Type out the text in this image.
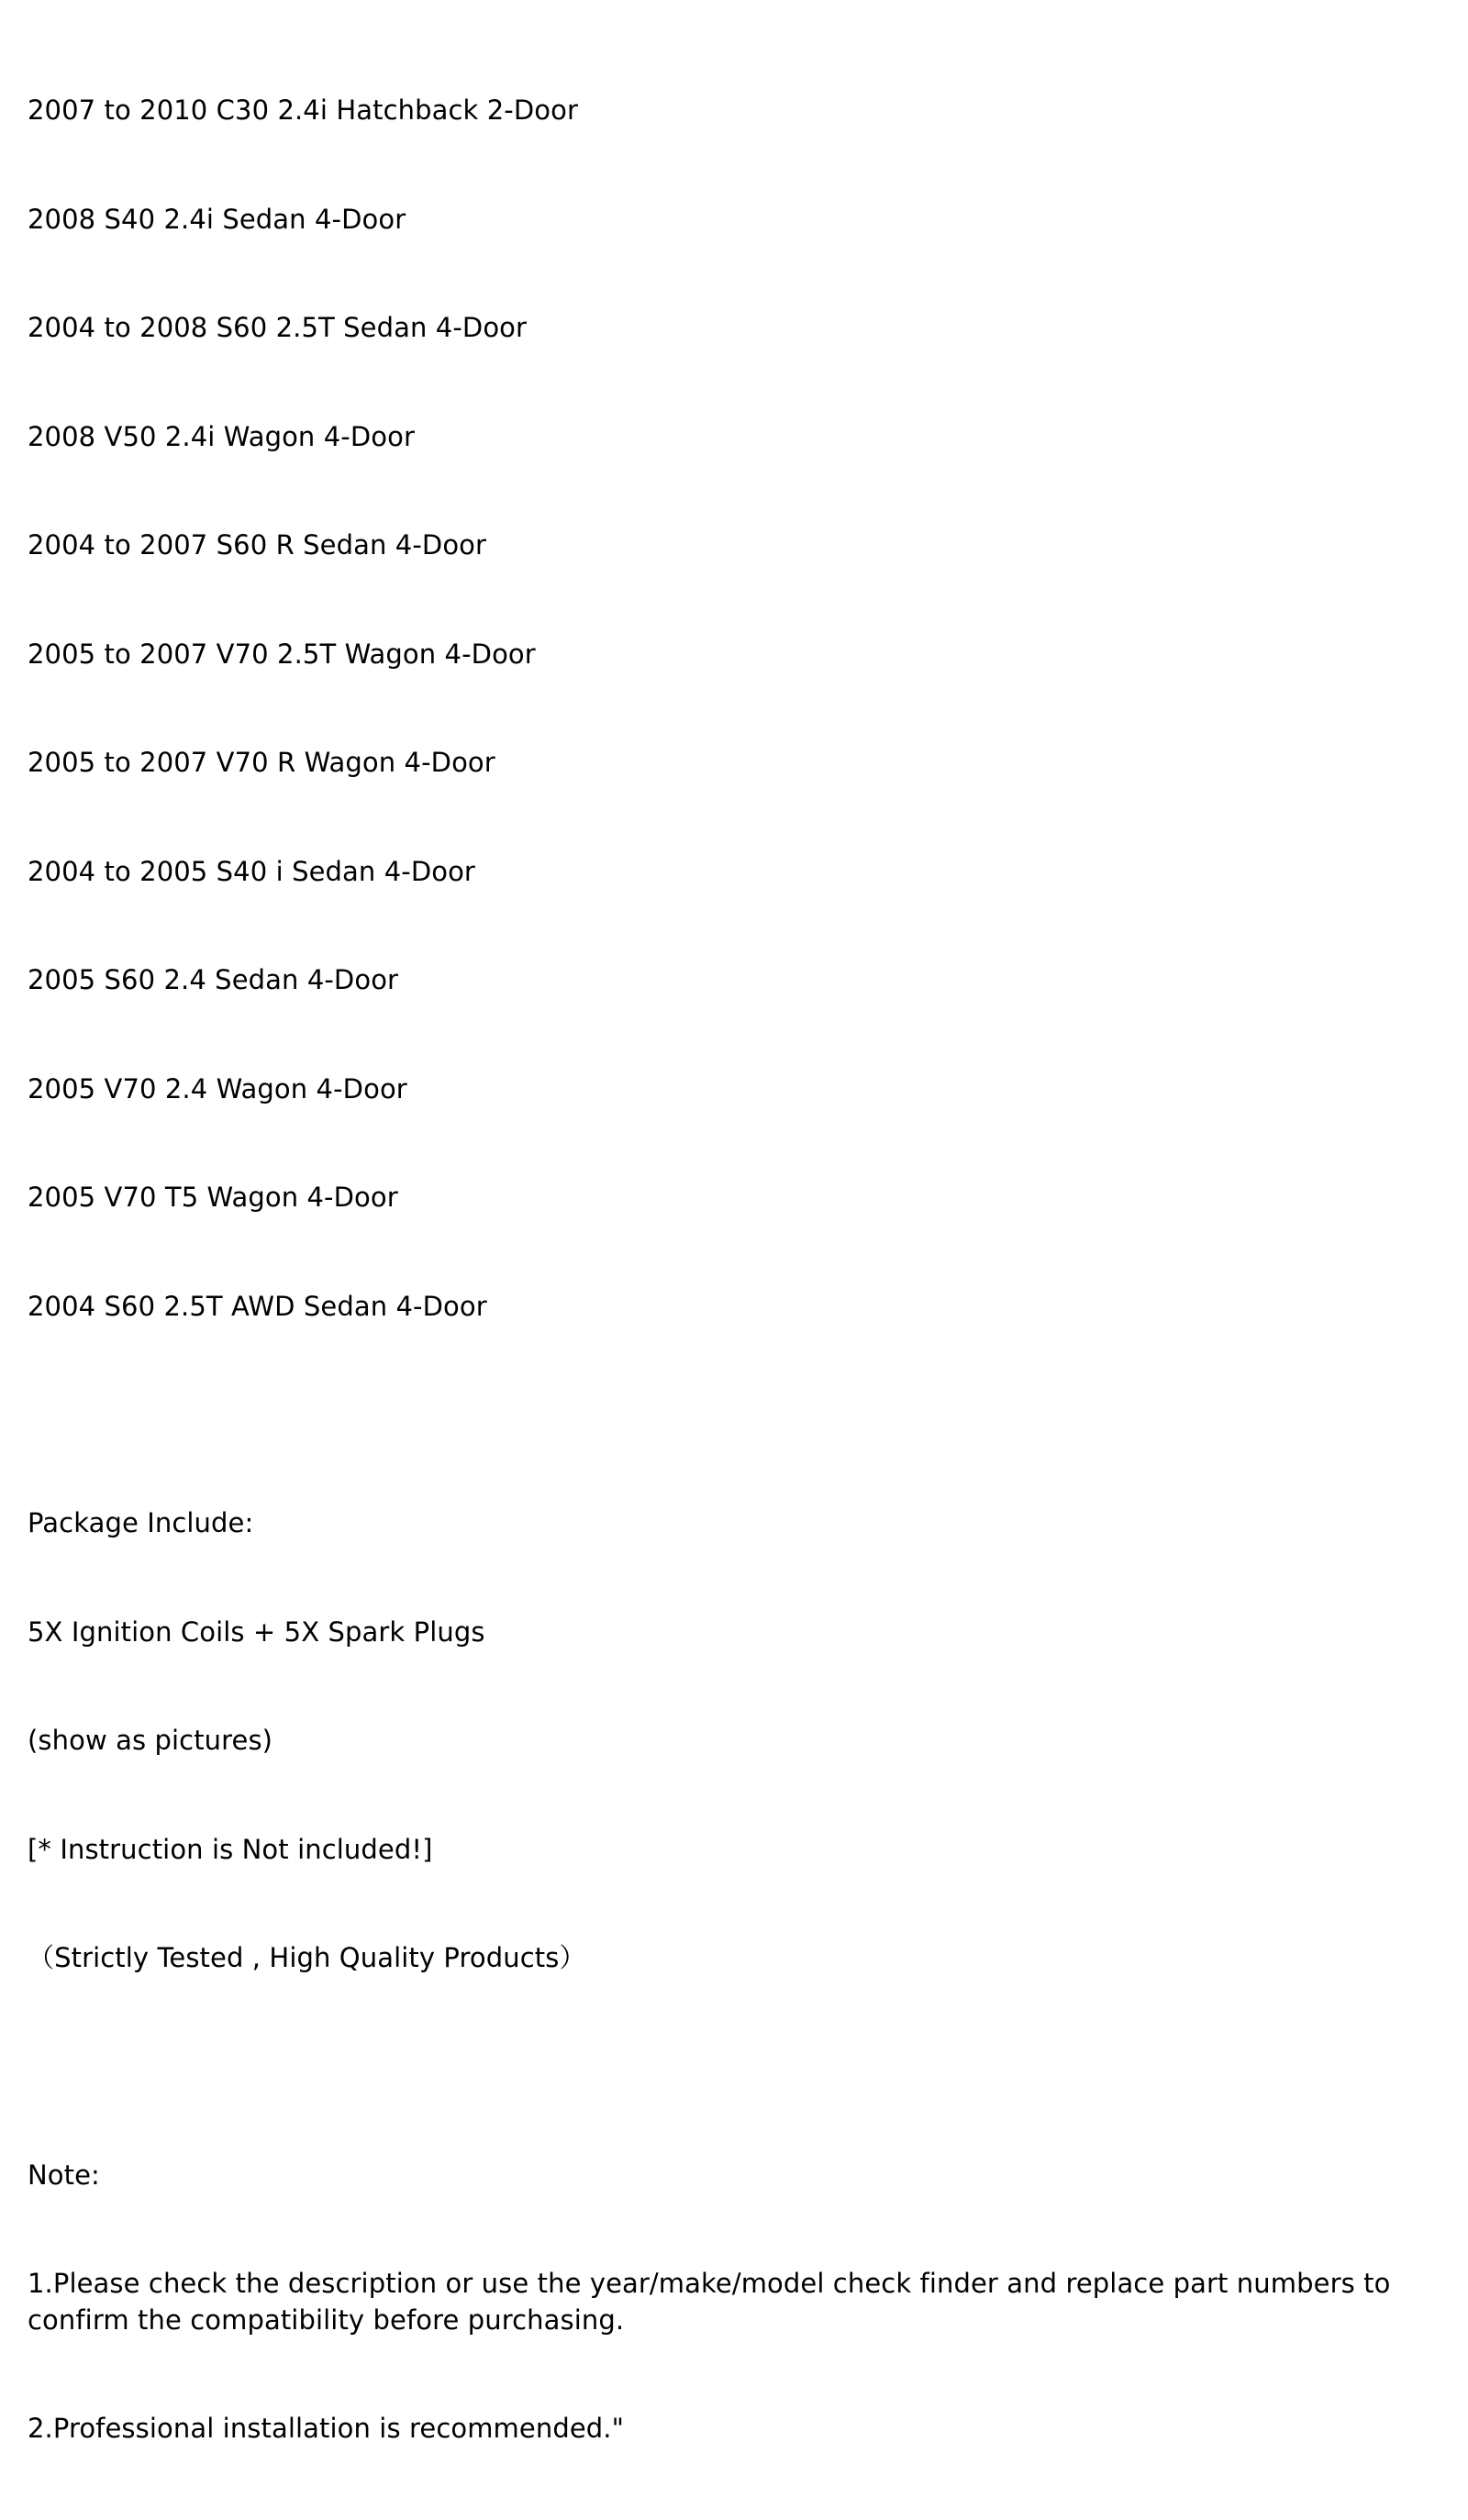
2007 to 2010 C30 2.4i Hatchback 2-Door

2008 S40 2.4i Sedan 4-Door

2004 to 2008 S60 2.5T Sedan 4-Door

2008 V50 2.4i Wagon 4-Door

2004 to 2007 S60 R Sedan 4-Door

2005 to 2007 V70 2.5T Wagon 4-Door

2005 to 2007 V70 R Wagon 4-Door

2004 to 2005 S40 i Sedan 4-Door

2005 S60 2.4 Sedan 4-Door

2005 V70 2.4 Wagon 4-Door

2005 V70 T5 Wagon 4-Door

2004 S60 2.5T AWD Sedan 4-Door

Package Include:

5X Ignition Coils + 5X Spark Plugs

(show as pictures)

[* Instruction is Not included!]

（Strictly Tested , High Quality Products）

Note:

1.Please check the description or use the year/make/model check finder and replace part numbers to confirm the compatibility before purchasing.

2.Professional installation is recommended."
